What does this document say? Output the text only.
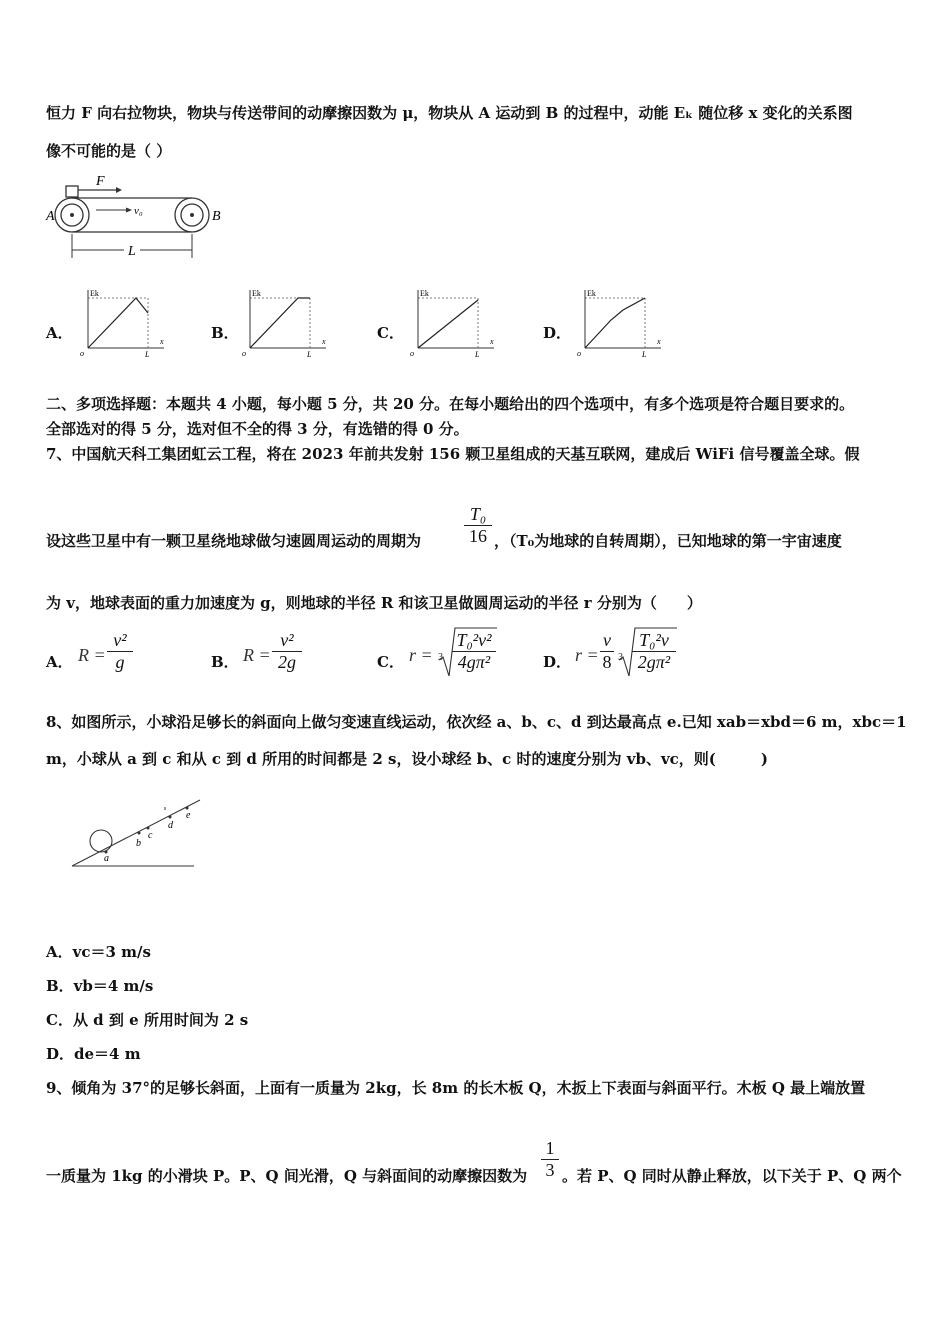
恒力 F 向右拉物块，物块与传送带间的动摩擦因数为 μ，物块从 A 运动到 B 的过程中，动能 Eₖ 随位移 x 变化的关系图
像不可能的是（ ）
F
v₀
A	B
L
A．
Ek
x
o	L
B．
Ek
x
o	L
C．
Ek
x
o	L
D．
Ek
x
o	L
二、多项选择题：本题共 4 小题，每小题 5 分，共 20 分。在每小题给出的四个选项中，有多个选项是符合题目要求的。
全部选对的得 5 分，选对但不全的得 3 分，有选错的得 0 分。
7、中国航天科工集团虹云工程，将在 2023 年前共发射 156 颗卫星组成的天基互联网，建成后 WiFi 信号覆盖全球。假
设这些卫星中有一颗卫星绕地球做匀速圆周运动的周期为 $\frac{\text{T₀}}{16}$ ，（T₀为地球的自转周期），已知地球的第一宇宙速度
为 v，地球表面的重力加速度为 g，则地球的半径 R 和该卫星做圆周运动的半径 r 分别为（　　）
A． $R = \frac{\text{v²}}{g}$	B． $R = \frac{\text{v²}}{2g}$	C． $r = 3 \frac{\text{T₀²v²}}{\text{4gπ²}}$	D． $r = \frac{v}{8} 3 \frac{\text{T₀²v}}{\text{2gπ²}}$
8、如图所示，小球沿足够长的斜面向上做匀变速直线运动，依次经 a、b、c、d 到达最高点 e.已知 xab＝xbd＝6 m，xbc＝1
m，小球从 a 到 c 和从 c 到 d 所用的时间都是 2 s，设小球经 b、c 时的速度分别为 vb、vc，则(　　　)
a
b
c
d
e
A．vc＝3 m/s
B．vb＝4 m/s
C．从 d 到 e 所用时间为 2 s
D．de＝4 m
9、倾角为 37°的足够长斜面，上面有一质量为 2kg，长 8m 的长木板 Q，木扳上下表面与斜面平行。木板 Q 最上端放置
一质量为 1kg 的小滑块 P。P、Q 间光滑，Q 与斜面间的动摩擦因数为 $\frac{1}{3}$ 。若 P、Q 同时从静止释放，以下关于 P、Q 两个
